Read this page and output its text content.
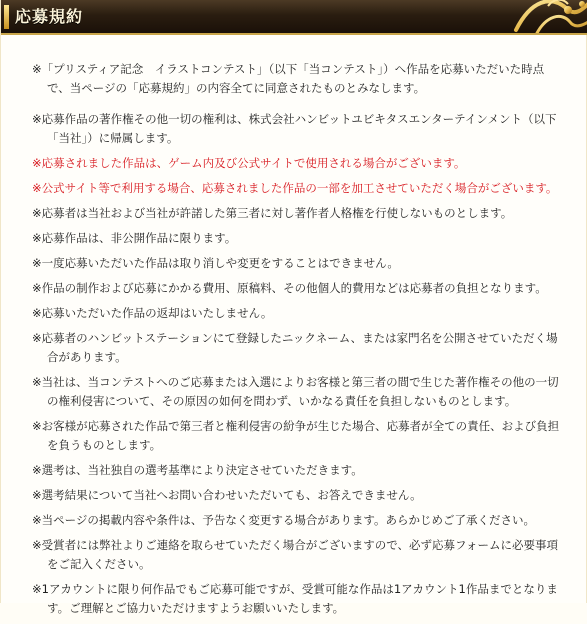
応募規約
※「プリスティア記念　イラストコンテスト」（以下「当コンテスト」）へ作品を応募いただいた時点で、当ページの「応募規約」の内容全てに同意されたものとみなします。
※応募作品の著作権その他一切の権利は、株式会社ハンビットユビキタスエンターテインメント（以下「当社」）に帰属します。
※応募されました作品は、ゲーム内及び公式サイトで使用される場合がございます。
※公式サイト等で利用する場合、応募されました作品の一部を加工させていただく場合がございます。
※応募者は当社および当社が許諾した第三者に対し著作者人格権を行使しないものとします。
※応募作品は、非公開作品に限ります。
※一度応募いただいた作品は取り消しや変更をすることはできません。
※作品の制作および応募にかかる費用、原稿料、その他個人的費用などは応募者の負担となります。
※応募いただいた作品の返却はいたしません。
※応募者のハンビットステーションにて登録したニックネーム、または家門名を公開させていただく場合があります。
※当社は、当コンテストへのご応募または入選によりお客様と第三者の間で生じた著作権その他の一切の権利侵害について、その原因の如何を問わず、いかなる責任を負担しないものとします。
※お客様が応募された作品で第三者と権利侵害の紛争が生じた場合、応募者が全ての責任、および負担を負うものとします。
※選考は、当社独自の選考基準により決定させていただきます。
※選考結果について当社へお問い合わせいただいても、お答えできません。
※当ページの掲載内容や条件は、予告なく変更する場合があります。あらかじめご了承ください。
※受賞者には弊社よりご連絡を取らせていただく場合がございますので、必ず応募フォームに必要事項をご記入ください。
※1アカウントに限り何作品でもご応募可能ですが、受賞可能な作品は1アカウント1作品までとなります。ご理解とご協力いただけますようお願いいたします。
